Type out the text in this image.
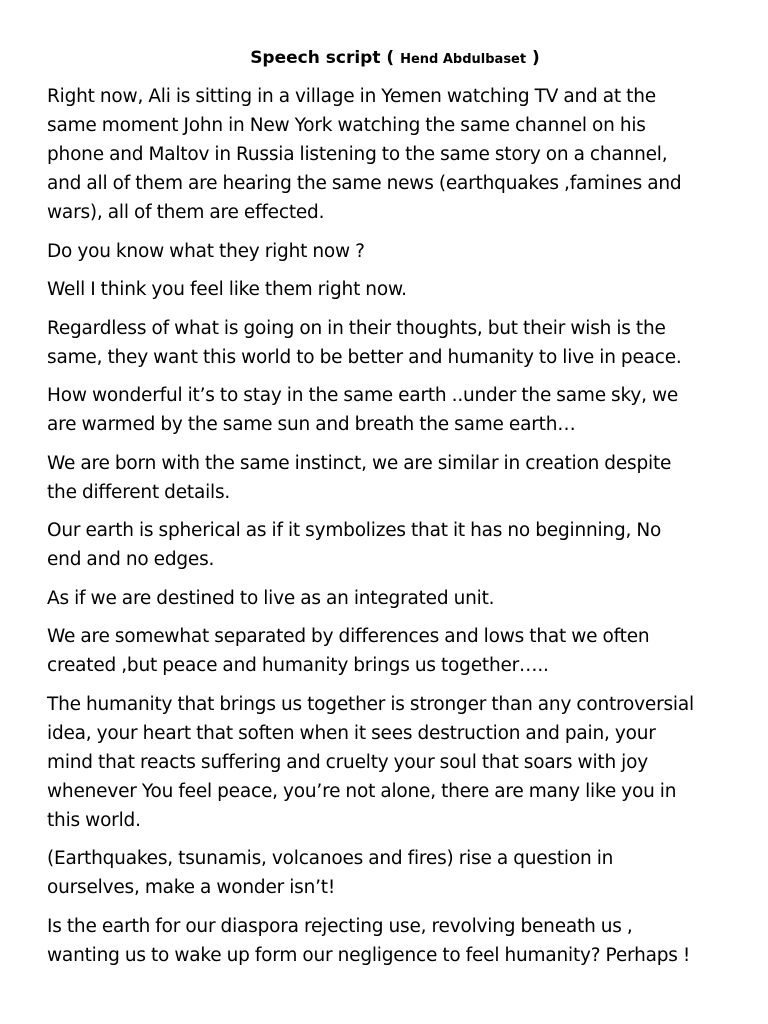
Speech script ( Hend Abdulbaset )

Right now, Ali is sitting in a village in Yemen watching TV and at the
same moment John in New York watching the same channel on his
phone and Maltov in Russia listening to the same story on a channel,
and all of them are hearing the same news (earthquakes ,famines and
wars), all of them are effected.

Do you know what they right now ?

Well I think you feel like them right now.

Regardless of what is going on in their thoughts, but their wish is the
same, they want this world to be better and humanity to live in peace.

How wonderful it’s to stay in the same earth ..under the same sky, we
are warmed by the same sun and breath the same earth…

We are born with the same instinct, we are similar in creation despite
the different details.

Our earth is spherical as if it symbolizes that it has no beginning, No
end and no edges.

As if we are destined to live as an integrated unit.

We are somewhat separated by differences and lows that we often
created ,but peace and humanity brings us together…..

The humanity that brings us together is stronger than any controversial
idea, your heart that soften when it sees destruction and pain, your
mind that reacts suffering and cruelty your soul that soars with joy
whenever You feel peace, you’re not alone, there are many like you in
this world.

(Earthquakes, tsunamis, volcanoes and fires) rise a question in
ourselves, make a wonder isn’t!

Is the earth for our diaspora rejecting use, revolving beneath us ,
wanting us to wake up form our negligence to feel humanity? Perhaps !
